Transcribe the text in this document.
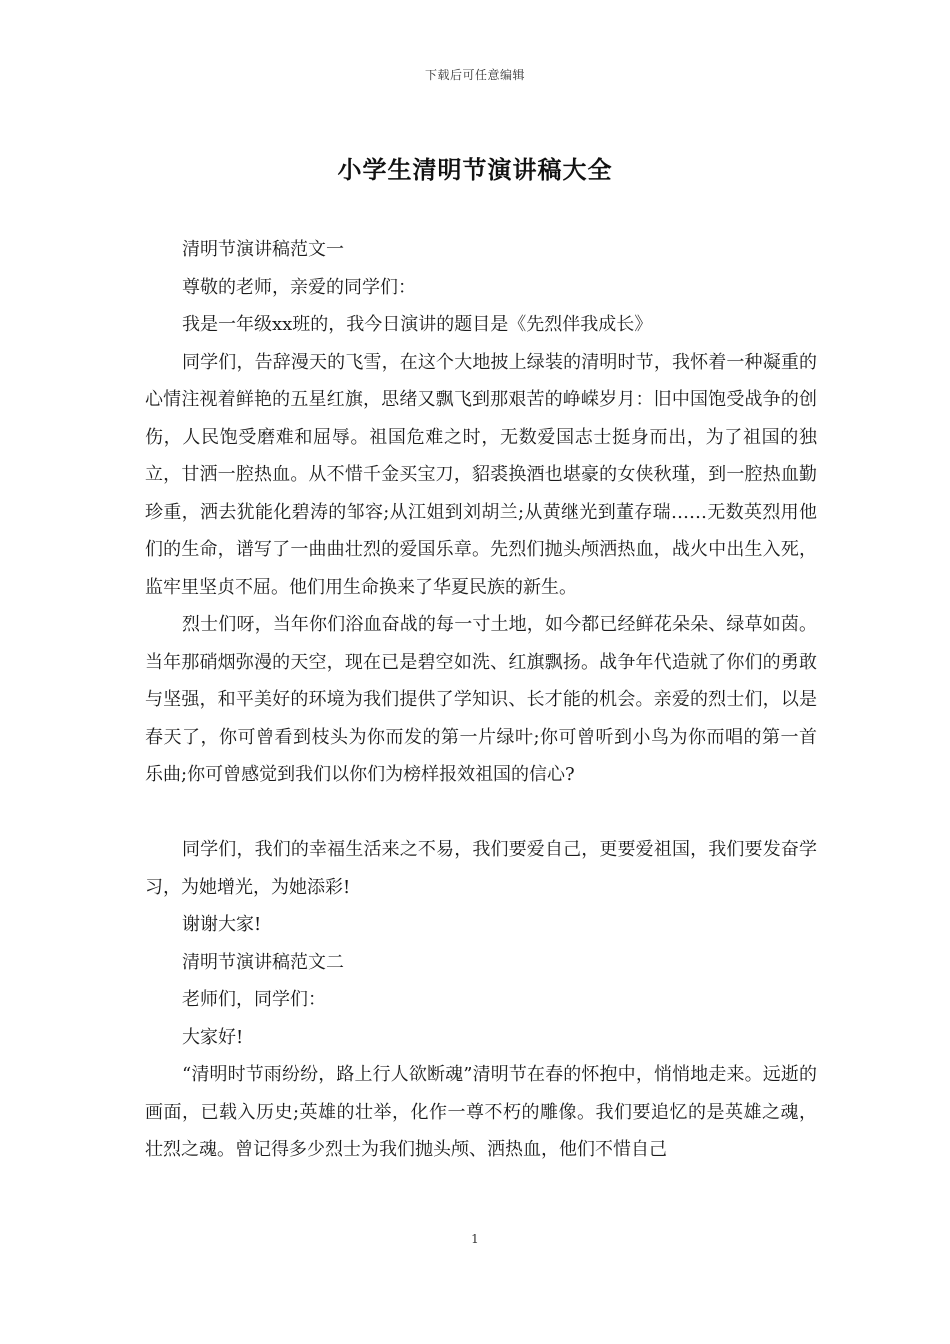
下载后可任意编辑
小学生清明节演讲稿大全

清明节演讲稿范文一

尊敬的老师，亲爱的同学们：

我是一年级xx班的，我今日演讲的题目是《先烈伴我成长》

同学们，告辞漫天的飞雪，在这个大地披上绿装的清明时节，我怀着一种凝重的心情注视着鲜艳的五星红旗，思绪又飘飞到那艰苦的峥嵘岁月：旧中国饱受战争的创伤，人民饱受磨难和屈辱。祖国危难之时，无数爱国志士挺身而出，为了祖国的独立，甘洒一腔热血。从不惜千金买宝刀，貂裘换酒也堪豪的女侠秋瑾，到一腔热血勤珍重，洒去犹能化碧涛的邹容;从江姐到刘胡兰;从黄继光到董存瑞……无数英烈用他们的生命，谱写了一曲曲壮烈的爱国乐章。先烈们抛头颅洒热血，战火中出生入死，监牢里坚贞不屈。他们用生命换来了华夏民族的新生。

烈士们呀，当年你们浴血奋战的每一寸土地，如今都已经鲜花朵朵、绿草如茵。当年那硝烟弥漫的天空，现在已是碧空如洗、红旗飘扬。战争年代造就了你们的勇敢与坚强，和平美好的环境为我们提供了学知识、长才能的机会。亲爱的烈士们，以是春天了，你可曾看到枝头为你而发的第一片绿叶;你可曾听到小鸟为你而唱的第一首乐曲;你可曾感觉到我们以你们为榜样报效祖国的信心?

同学们，我们的幸福生活来之不易，我们要爱自己，更要爱祖国，我们要发奋学习，为她增光，为她添彩!

谢谢大家!

清明节演讲稿范文二

老师们，同学们：

大家好!

“清明时节雨纷纷，路上行人欲断魂”清明节在春的怀抱中，悄悄地走来。远逝的画面，已载入历史;英雄的壮举，化作一尊不朽的雕像。我们要追忆的是英雄之魂，壮烈之魂。曾记得多少烈士为我们抛头颅、洒热血，他们不惜自己

1
